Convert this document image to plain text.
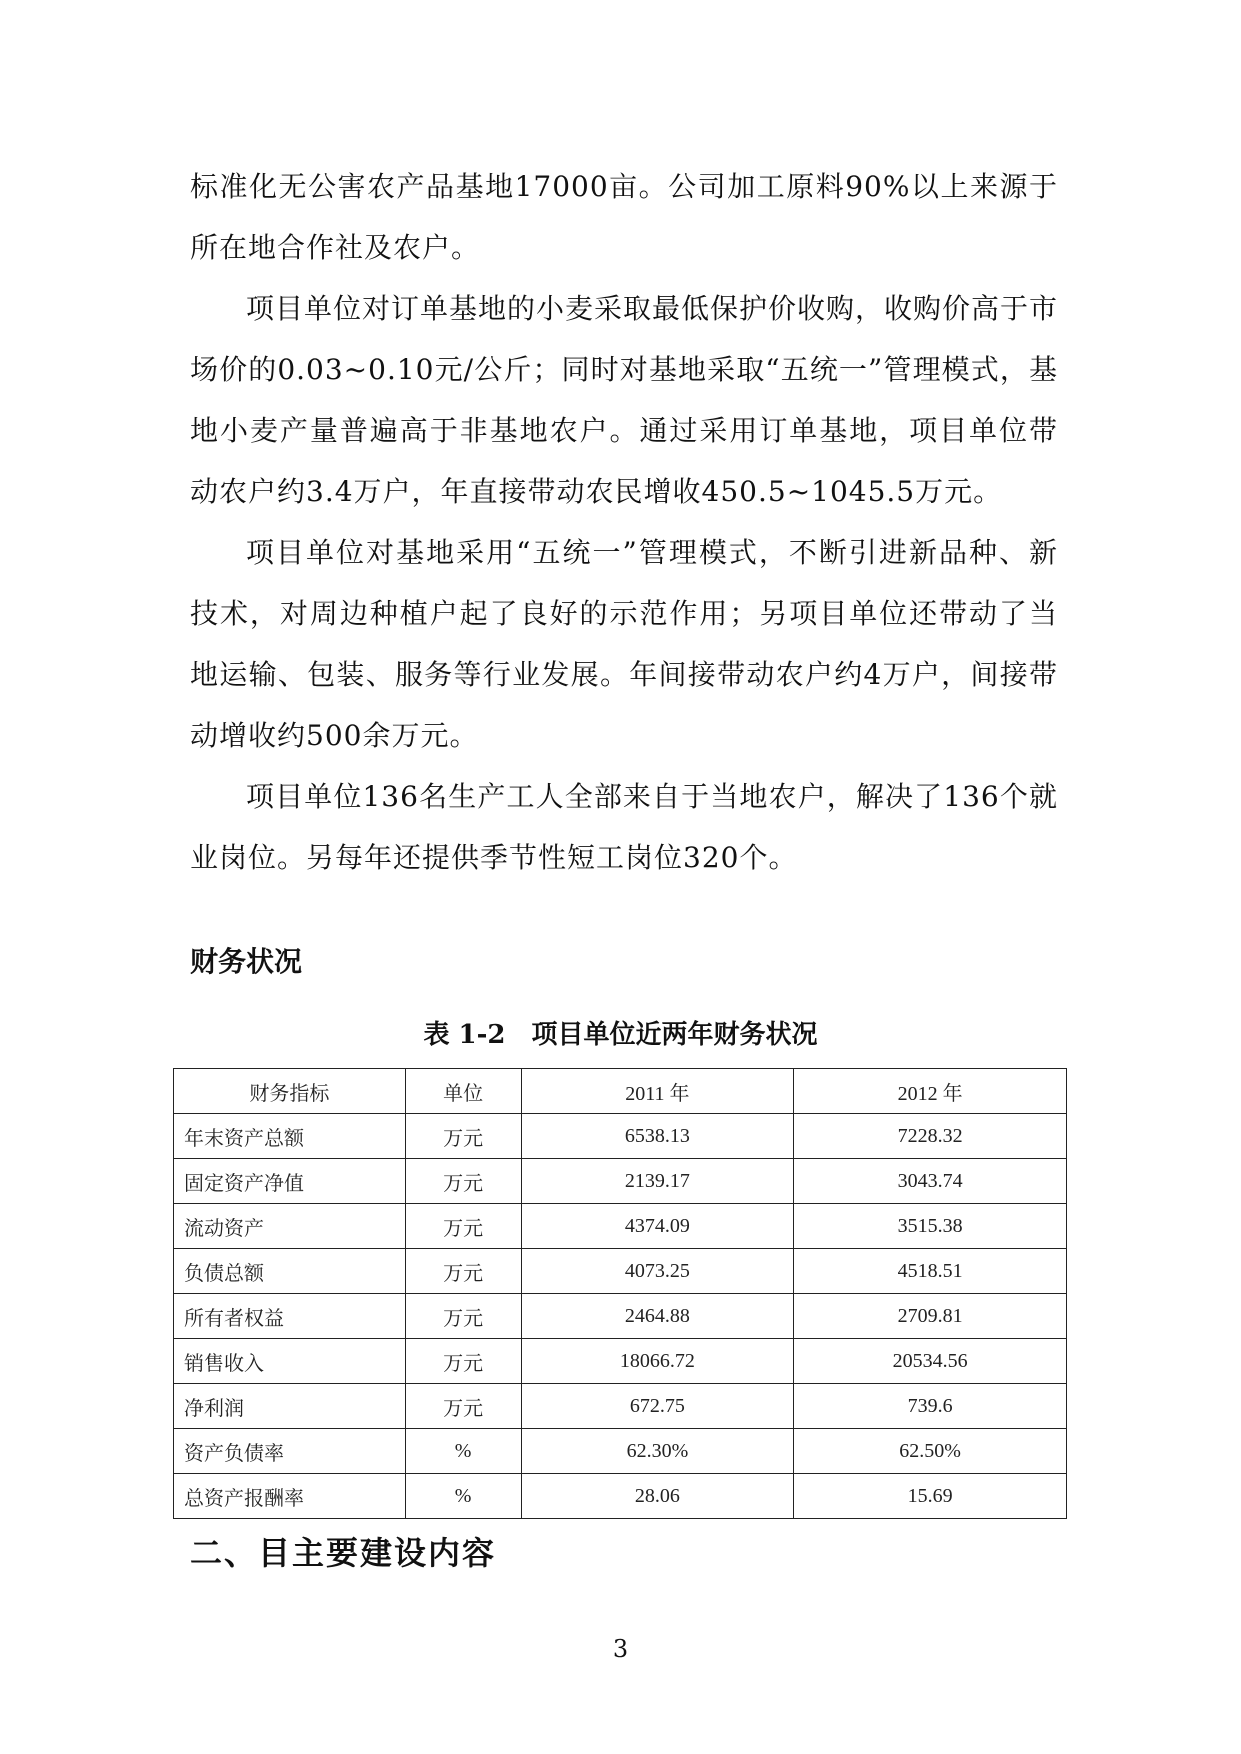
标准化无公害农产品基地17000亩。公司加工原料90%以上来源于所在地合作社及农户。

项目单位对订单基地的小麦采取最低保护价收购，收购价高于市场价的0.03~0.10元/公斤；同时对基地采取“五统一”管理模式，基地小麦产量普遍高于非基地农户。通过采用订单基地，项目单位带动农户约3.4万户，年直接带动农民增收450.5~1045.5万元。

项目单位对基地采用“五统一”管理模式，不断引进新品种、新技术，对周边种植户起了良好的示范作用；另项目单位还带动了当地运输、包装、服务等行业发展。年间接带动农户约4万户，间接带动增收约500余万元。

项目单位136名生产工人全部来自于当地农户，解决了136个就业岗位。另每年还提供季节性短工岗位320个。

财务状况
表 1-2　项目单位近两年财务状况
财务指标	单位	2011 年	2012 年
年末资产总额	万元	6538.13	7228.32
固定资产净值	万元	2139.17	3043.74
流动资产	万元	4374.09	3515.38
负债总额	万元	4073.25	4518.51
所有者权益	万元	2464.88	2709.81
销售收入	万元	18066.72	20534.56
净利润	万元	672.75	739.6
资产负债率	%	62.30%	62.50%
总资产报酬率	%	28.06	15.69
二、目主要建设内容
3
